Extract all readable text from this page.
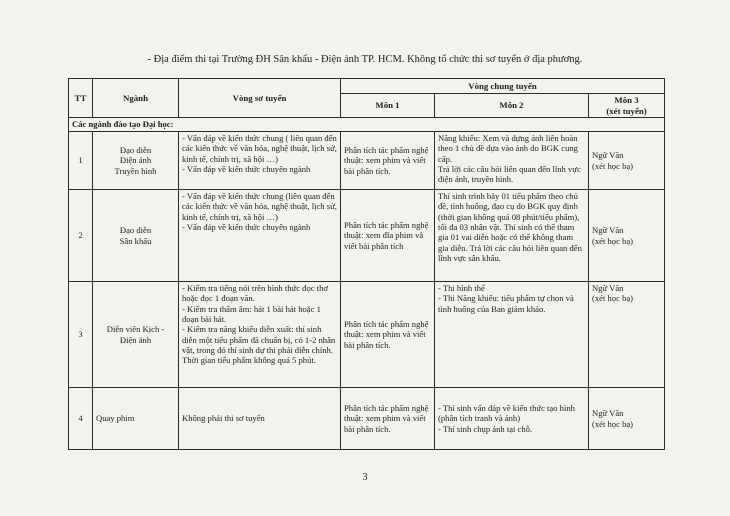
- Địa điểm thi tại Trường ĐH Sân khấu - Điện ảnh TP. HCM. Không tổ chức thi sơ tuyển ở địa phương.
TT	Ngành	Vòng sơ tuyển	Vòng chung tuyển		
			Môn 1	Môn 2	Môn 3
(xét tuyển)

Các ngành đào tạo Đại học:					
1	Đạo diễn
Điện ảnh
Truyền hình	- Vấn đáp về kiến thức chung ( liên quan đến các kiến thức về văn hóa, nghệ thuật, lịch sử, kinh tế, chính trị, xã hội …)
- Vấn đáp về kiến thức chuyên ngành	Phân tích tác phẩm nghệ thuật: xem phim và viết bài phân tích.	Năng khiếu: Xem và dựng ảnh liên hoàn theo 1 chủ đề dựa vào ảnh do BGK cung cấp.
Trả lời các câu hỏi liên quan đến lĩnh vực điện ảnh, truyền hình.	Ngữ Văn
(xét học bạ)

2	Đạo diễn
Sân khấu	- Vấn đáp về kiến thức chung (liên quan đến các kiến thức về văn hóa, nghệ thuật, lịch sử, kinh tế, chính trị, xã hội …)
- Vấn đáp về kiến thức chuyên ngành	Phân tích tác phẩm nghệ thuật: xem đĩa phim và viết bài phân tích	Thí sinh trình bày 01 tiểu phẩm theo chủ đề, tình huống, đạo cụ do BGK quy định (thời gian không quá 08 phút/tiểu phẩm), tối đa 03 nhân vật. Thí sinh có thể tham gia 01 vai diễn hoặc có thể không tham gia diễn. Trả lời các câu hỏi liên quan đến lĩnh vực sân khấu.	Ngữ Văn
(xét học bạ)

3	Diễn viên Kịch -
Điện ảnh	- Kiểm tra tiếng nói trên hình thức đọc thơ hoặc đọc 1 đoạn văn.
- Kiểm tra thẩm âm: hát 1 bài hát hoặc 1 đoạn bài hát.
- Kiểm tra năng khiếu diễn xuất: thí sinh diễn một tiểu phẩm đã chuẩn bị, có 1-2 nhân vật, trong đó thí sinh dự thi phải diễn chính. Thời gian tiểu phẩm không quá 5 phút.	Phân tích tác phẩm nghệ thuật: xem phim và viết bài phân tích.	- Thi hình thể
- Thi Năng khiếu: tiểu phẩm tự chọn và tình huống của Ban giám khảo.	Ngữ Văn
(xét học bạ)

4	Quay phim	Không phải thi sơ tuyển	Phân tích tác phẩm nghệ thuật: xem phim và viết bài phân tích.	- Thí sinh vấn đáp về kiến thức tạo hình (phân tích tranh và ảnh)
- Thí sinh chụp ảnh tại chỗ.	Ngữ Văn
(xét học bạ)
3
